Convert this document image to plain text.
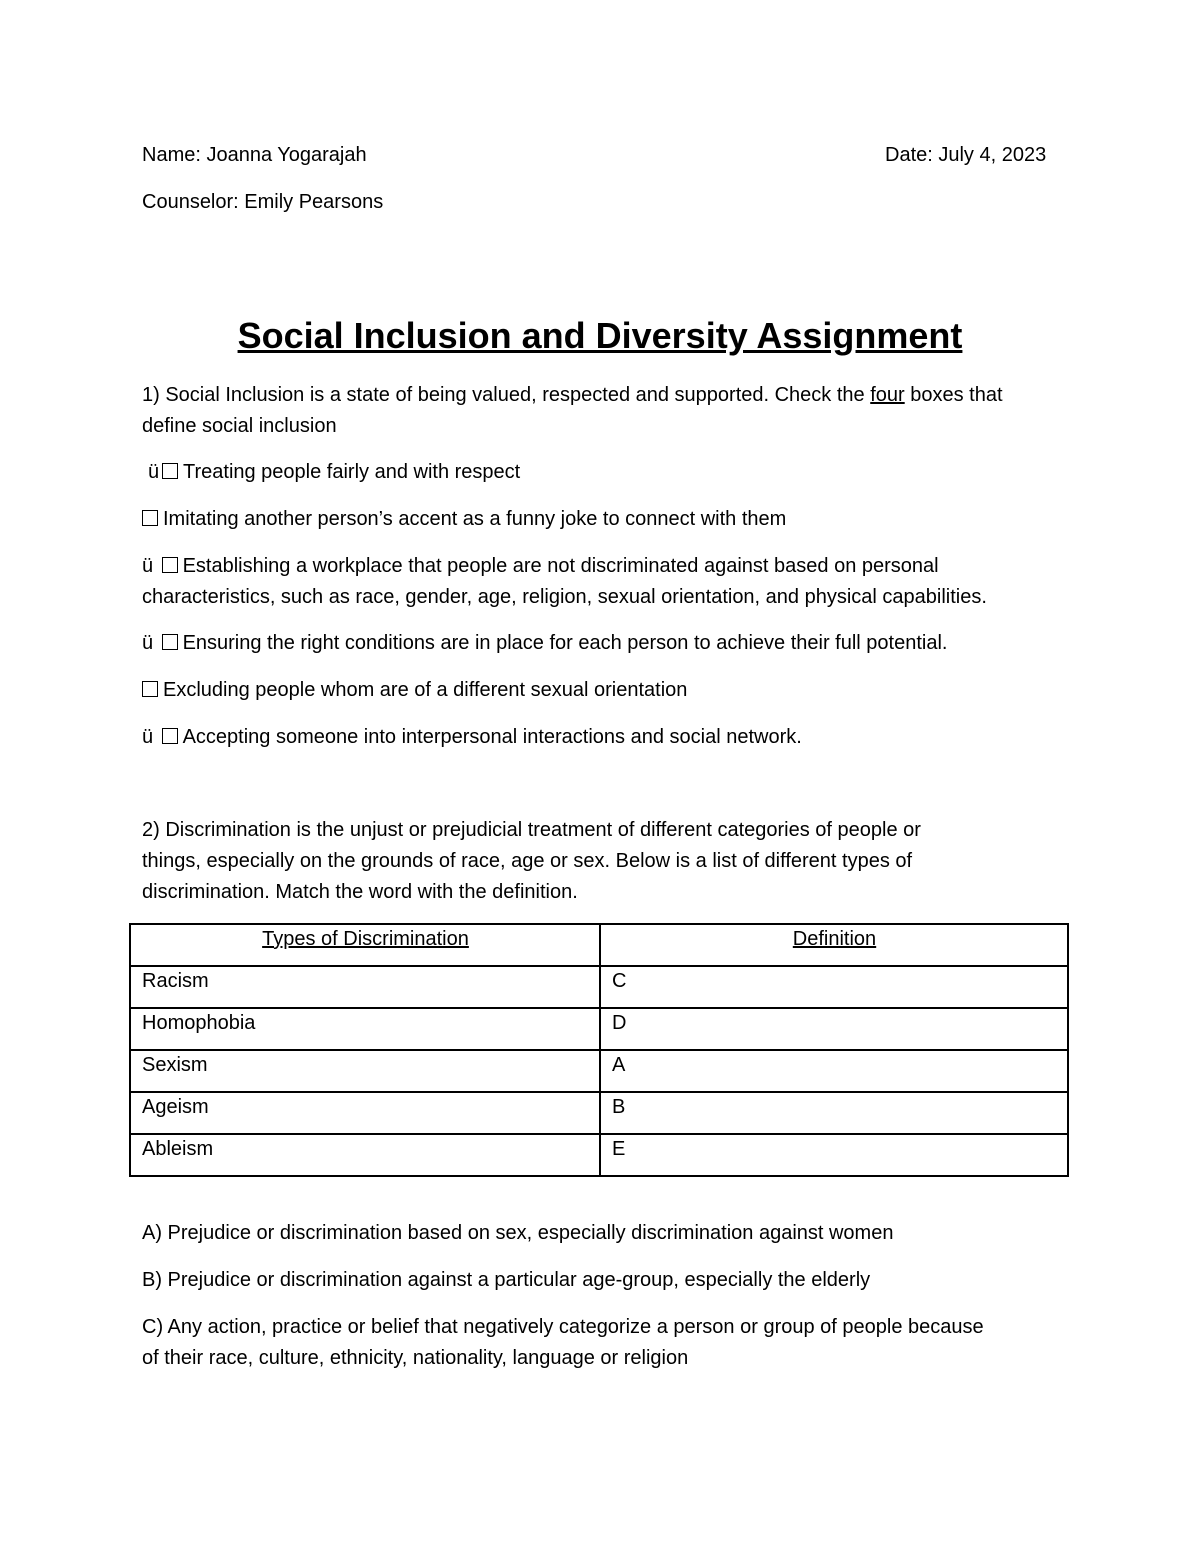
Name: Joanna Yogarajah	Date: July 4, 2023
Counselor: Emily Pearsons
Social Inclusion and Diversity Assignment
1) Social Inclusion is a state of being valued, respected and supported. Check the four boxes that
define social inclusion
ü Treating people fairly and with respect
Imitating another person’s accent as a funny joke to connect with them
ü Establishing a workplace that people are not discriminated against based on personal
characteristics, such as race, gender, age, religion, sexual orientation, and physical capabilities.
ü Ensuring the right conditions are in place for each person to achieve their full potential.
Excluding people whom are of a different sexual orientation
ü Accepting someone into interpersonal interactions and social network.
2) Discrimination is the unjust or prejudicial treatment of different categories of people or
things, especially on the grounds of race, age or sex. Below is a list of different types of
discrimination. Match the word with the definition.
Types of Discrimination	Definition
Racism	C
Homophobia	D
Sexism	A
Ageism	B
Ableism	E
A) Prejudice or discrimination based on sex, especially discrimination against women
B) Prejudice or discrimination against a particular age-group, especially the elderly
C) Any action, practice or belief that negatively categorize a person or group of people because
of their race, culture, ethnicity, nationality, language or religion
